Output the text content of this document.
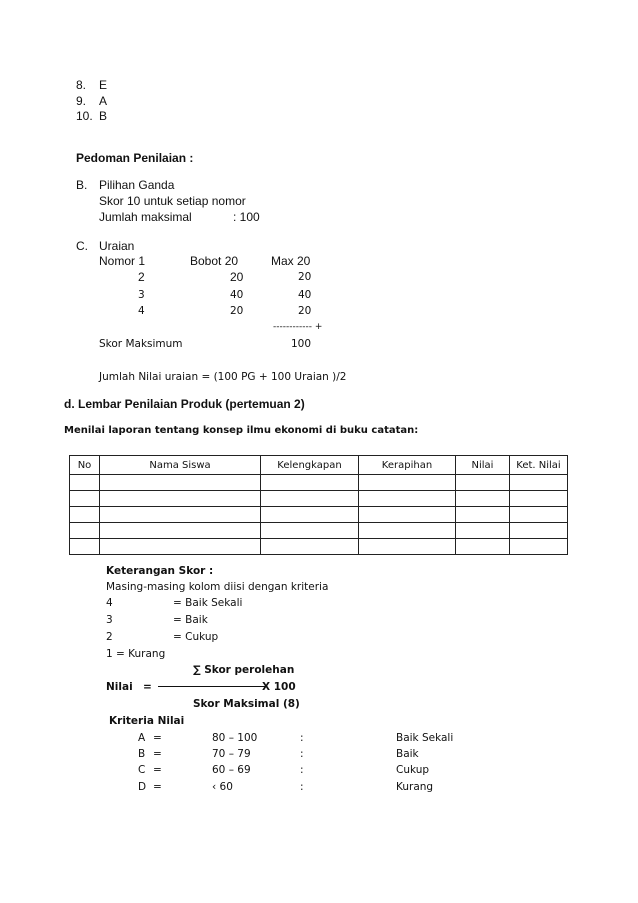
8. E
9. A
10. B
Pedoman Penilaian :
B. Pilihan Ganda
Skor 10 untuk setiap nomor
Jumlah maksimal	: 100
C. Uraian
Nomor 1	Bobot 20	Max 20
2	20	20
3	40	40
4	20	20
------------ +
Skor Maksimum	100
Jumlah Nilai uraian = (100 PG + 100 Uraian )/2
d. Lembar Penilaian Produk (pertemuan 2)
Menilai laporan tentang konsep ilmu ekonomi di buku catatan:
No	Nama Siswa	Kelengkapan	Kerapihan	Nilai	Ket. Nilai

Keterangan Skor :
Masing-masing kolom diisi dengan kriteria
4	= Baik Sekali
3	= Baik
2	= Cukup
1 = Kurang
∑ Skor perolehan
Nilai =	X 100
Skor Maksimal (8)
Kriteria Nilai
A =	80 – 100	:	Baik Sekali
B =	70 – 79	:	Baik
C =	60 – 69	:	Cukup
D =	‹ 60	:	Kurang
